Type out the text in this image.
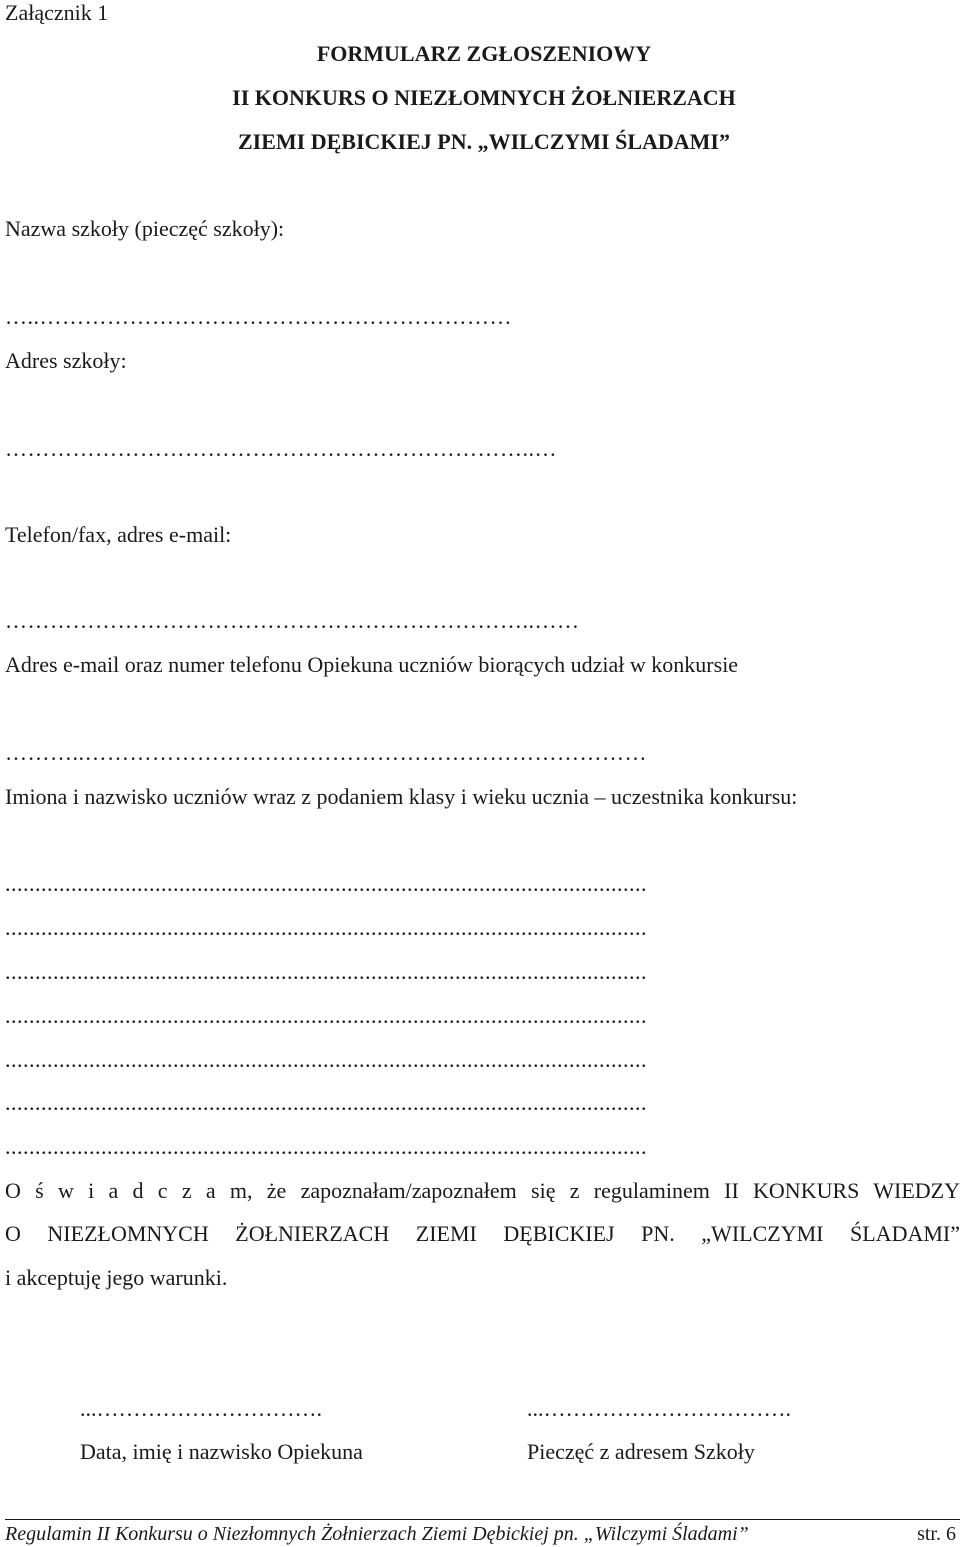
Załącznik 1
FORMULARZ ZGŁOSZENIOWY
II KONKURS O NIEZŁOMNYCH ŻOŁNIERZACH
ZIEMI DĘBICKIEJ PN. „WILCZYMI ŚLADAMI”
Nazwa szkoły (pieczęć szkoły):
…..………………………………………………………
Adres szkoły:
……………………………………………………………..…
Telefon/fax, adres e-mail:
……………………………………………………………..……
Adres e-mail oraz numer telefonu Opiekuna uczniów biorących udział w konkursie
………..…………………………………………………………………
Imiona i nazwisko uczniów wraz z podaniem klasy i wieku ucznia – uczestnika konkursu:
...........................................................................................................
...........................................................................................................
...........................................................................................................
...........................................................................................................
...........................................................................................................
...........................................................................................................
...........................................................................................................
O ś w i a d c z a m, że zapoznałam/zapoznałem się z regulaminem II KONKURS WIEDZY
O NIEZŁOMNYCH ŻOŁNIERZACH ZIEMI DĘBICKIEJ PN. „WILCZYMI ŚLADAMI”
i akceptuję jego warunki.
...………………………….
Data, imię i nazwisko Opiekuna
...…………………………….
Pieczęć z adresem Szkoły
Regulamin II Konkursu o Niezłomnych Żołnierzach Ziemi Dębickiej pn. „Wilczymi Śladami”	str. 6
